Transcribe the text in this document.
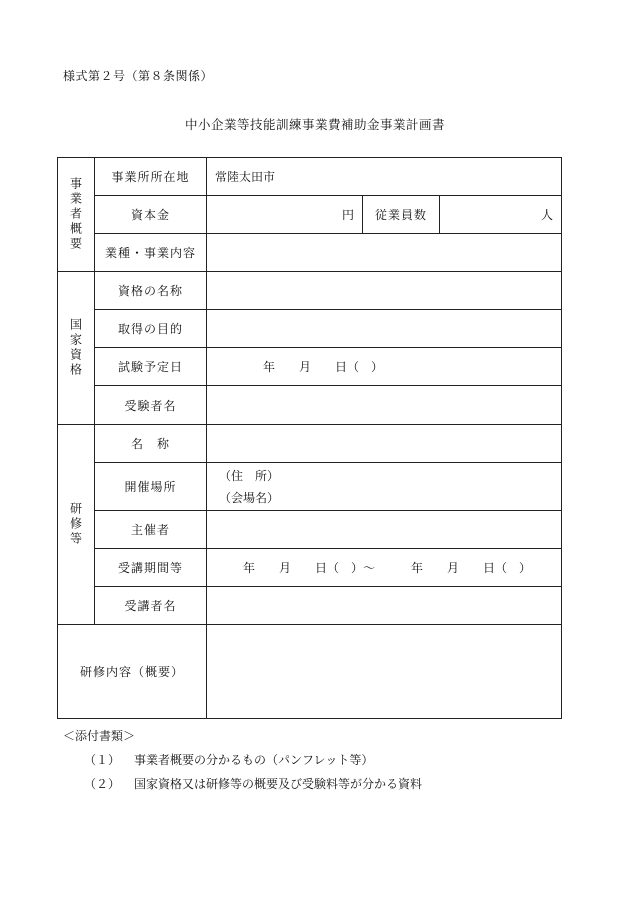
様式第２号（第８条関係）
中小企業等技能訓練事業費補助金事業計画書
事業者概要	事業所所在地	常陸太田市		
	資本金	円	従業員数	人
	業種・事業内容			
国家資格	資格の名称			
	取得の目的			
	試験予定日	年　　月　　日（　）		
	受験者名			
研修等	名　称			
	開催場所	（住　所）
（会場名）		

	主催者			
	受講期間等	年　　月　　日（　）～　　　年　　月　　日（　）		
	受講者名			
研修内容（概要）				
＜添付書類＞
（１） 事業者概要の分かるもの（パンフレット等）
（２） 国家資格又は研修等の概要及び受験料等が分かる資料
